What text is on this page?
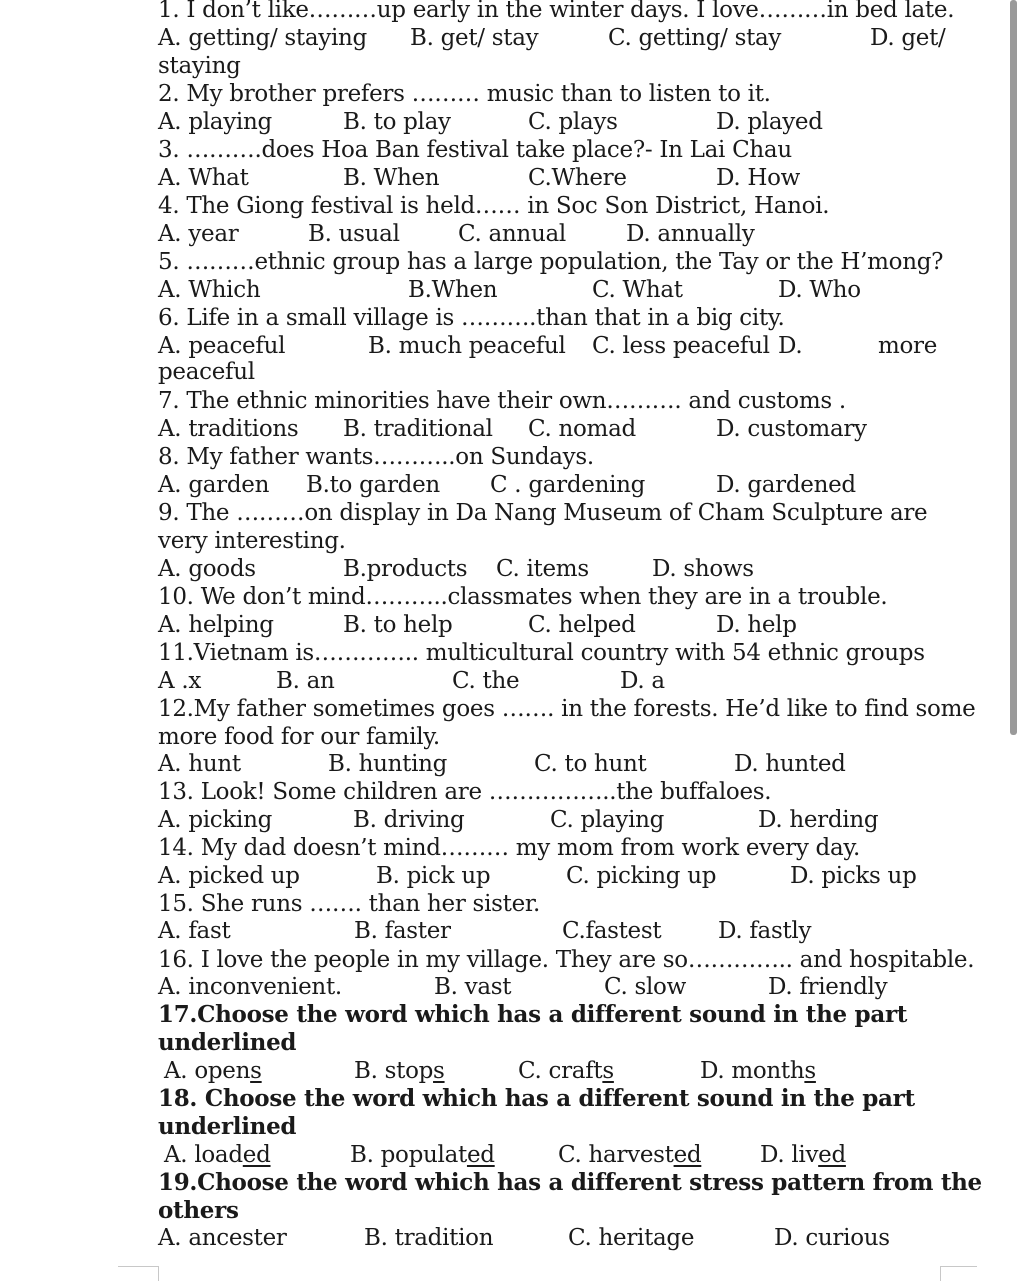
1. I don’t like………up early in the winter days. I love………in bed late.
A. getting/ staying B. get/ stay	C. getting/ stay	D. get/
staying
2. My brother prefers ……… music than to listen to it.
A. playing	B. to play	C. plays	D. played
3. ……….does Hoa Ban festival take place?- In Lai Chau
A. What	B. When	C.Where	D. How
4. The Giong festival is held…… in Soc Son District, Hanoi.
A. year	B. usual	C. annual	D. annually
5. ………ethnic group has a large population, the Tay or the H’mong?
A. Which	B.When	C. What	D. Who
6. Life in a small village is ……….than that in a big city.
A. peaceful	B. much peaceful C. less peaceful D.	more
peaceful
7. The ethnic minorities have their own………. and customs .
A. traditions B. traditional C. nomad	D. customary
8. My father wants………..on Sundays.
A. garden B.to garden C . gardening	D. gardened
9. The ………on display in Da Nang Museum of Cham Sculpture are
very interesting.
A. goods	B.products C. items	D. shows
10. We don’t mind………..classmates when they are in a trouble.
A. helping	B. to help	C. helped	D. help
11.Vietnam is………….. multicultural country with 54 ethnic groups
A .x	B. an	C. the	D. a
12.My father sometimes goes ……. in the forests. He’d like to find some
more food for our family.
A. hunt	B. hunting	C. to hunt	D. hunted
13. Look! Some children are ……………..the buffaloes.
A. picking	B. driving	C. playing	D. herding
14. My dad doesn’t mind……… my mom from work every day.
A. picked up	B. pick up	C. picking up	D. picks up
15. She runs ……. than her sister.
A. fast	B. faster	C.fastest D. fastly
16. I love the people in my village. They are so………….. and hospitable.
A. inconvenient.	B. vast	C. slow	D. friendly
17.Choose the word which has a different sound in the part
underlined
A. opens	B. stops	C. crafts	D. months
18. Choose the word which has a different sound in the part
underlined
A. loaded	B. populated	C. harvested	D. lived
19.Choose the word which has a different stress pattern from the
others
A. ancester	B. tradition	C. heritage	D. curious
